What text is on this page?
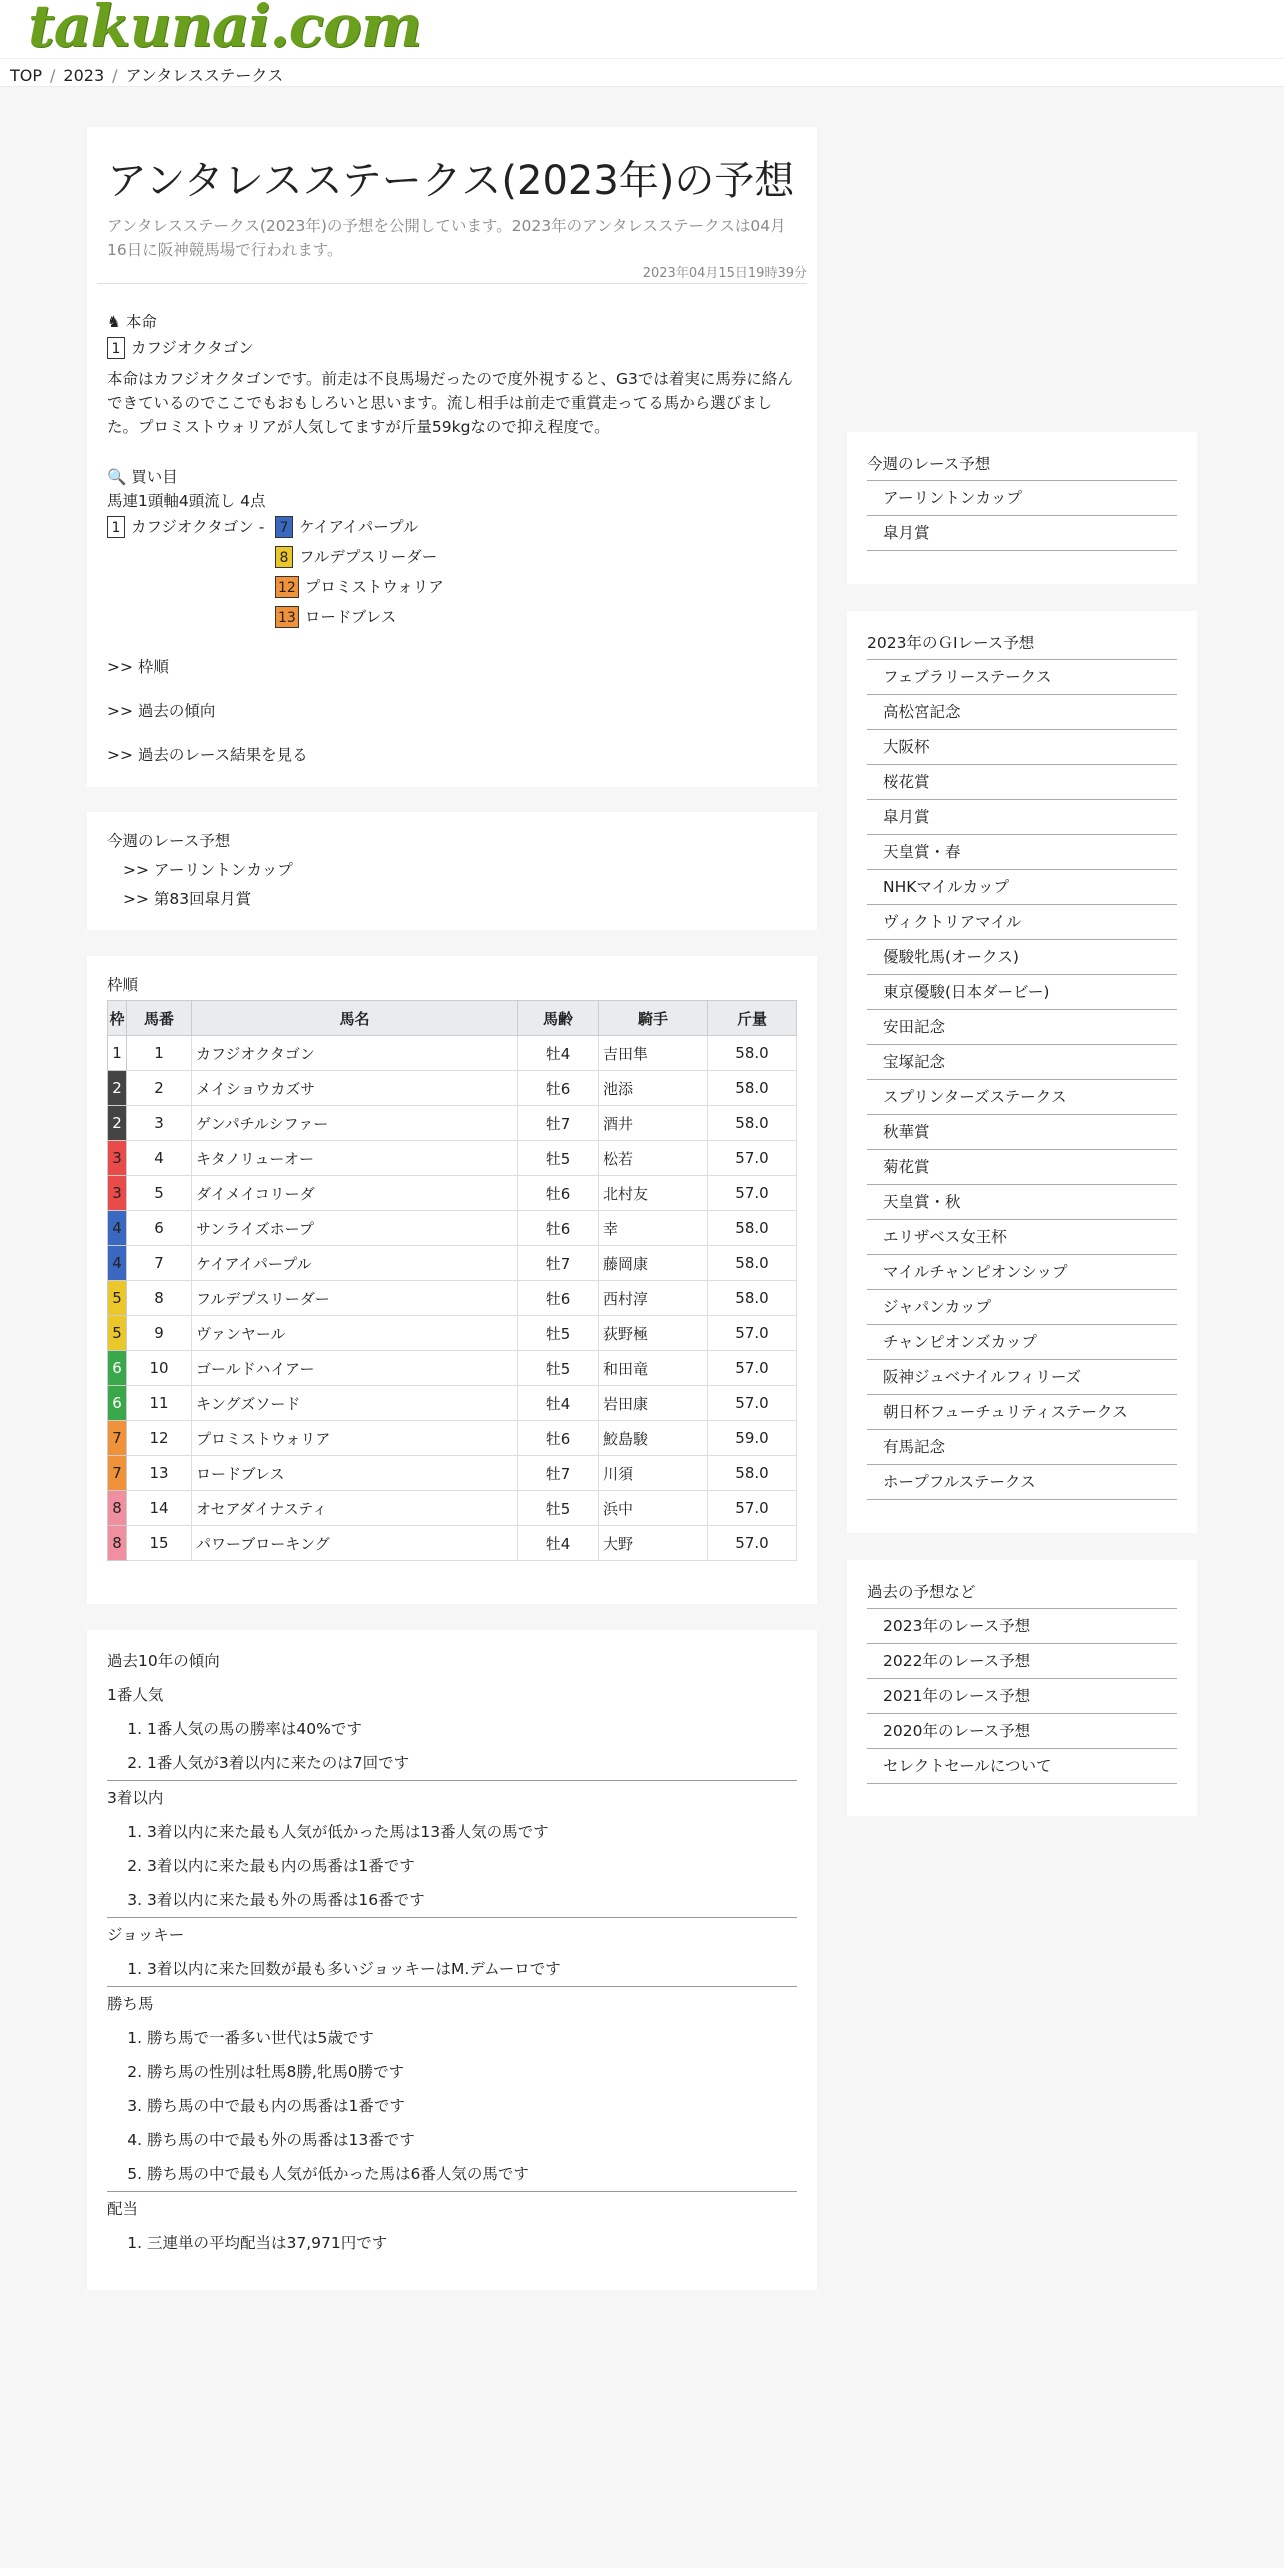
takunai.com
TOP / 2023 / アンタレスステークス
アンタレスステークス(2023年)の予想
アンタレスステークス(2023年)の予想を公開しています。2023年のアンタレスステークスは04月16日に阪神競馬場で行われます。
2023年04月15日19時39分
♞ 本命
1 カフジオクタゴン
本命はカフジオクタゴンです。前走は不良馬場だったので度外視すると、G3では着実に馬券に絡んできているのでここでもおもしろいと思います。流し相手は前走で重賞走ってる馬から選びました。プロミストウォリアが人気してますが斤量59kgなので抑え程度で。
🔍 買い目
馬連1頭軸4頭流し 4点
1 カフジオクタゴン -	7 ケイアイパープル
8 フルデプスリーダー
12 プロミストウォリア
13 ロードブレス
>> 枠順
>> 過去の傾向
>> 過去のレース結果を見る
今週のレース予想
>> アーリントンカップ
>> 第83回皐月賞
枠順
枠	馬番	馬名	馬齢	騎手	斤量
1	1	カフジオクタゴン	牡4	吉田隼	58.0
2	2	メイショウカズサ	牡6	池添	58.0
2	3	ゲンパチルシファー	牡7	酒井	58.0
3	4	キタノリューオー	牡5	松若	57.0
3	5	ダイメイコリーダ	牡6	北村友	57.0
4	6	サンライズホープ	牡6	幸	58.0
4	7	ケイアイパープル	牡7	藤岡康	58.0
5	8	フルデプスリーダー	牡6	西村淳	58.0
5	9	ヴァンヤール	牡5	荻野極	57.0
6	10	ゴールドハイアー	牡5	和田竜	57.0
6	11	キングズソード	牡4	岩田康	57.0
7	12	プロミストウォリア	牡6	鮫島駿	59.0
7	13	ロードブレス	牡7	川須	58.0
8	14	オセアダイナスティ	牡5	浜中	57.0
8	15	パワーブローキング	牡4	大野	57.0
過去10年の傾向
1番人気
1. 1番人気の馬の勝率は40%です
2. 1番人気が3着以内に来たのは7回です
3着以内
1. 3着以内に来た最も人気が低かった馬は13番人気の馬です
2. 3着以内に来た最も内の馬番は1番です
3. 3着以内に来た最も外の馬番は16番です
ジョッキー
1. 3着以内に来た回数が最も多いジョッキーはM.デムーロです
勝ち馬
1. 勝ち馬で一番多い世代は5歳です
2. 勝ち馬の性別は牡馬8勝,牝馬0勝です
3. 勝ち馬の中で最も内の馬番は1番です
4. 勝ち馬の中で最も外の馬番は13番です
5. 勝ち馬の中で最も人気が低かった馬は6番人気の馬です
配当
1. 三連単の平均配当は37,971円です
今週のレース予想
アーリントンカップ
皐月賞
2023年のＧⅠレース予想
フェブラリーステークス
高松宮記念
大阪杯
桜花賞
皐月賞
天皇賞・春
NHKマイルカップ
ヴィクトリアマイル
優駿牝馬(オークス)
東京優駿(日本ダービー)
安田記念
宝塚記念
スプリンターズステークス
秋華賞
菊花賞
天皇賞・秋
エリザベス女王杯
マイルチャンピオンシップ
ジャパンカップ
チャンピオンズカップ
阪神ジュベナイルフィリーズ
朝日杯フューチュリティステークス
有馬記念
ホープフルステークス
過去の予想など
2023年のレース予想
2022年のレース予想
2021年のレース予想
2020年のレース予想
セレクトセールについて
